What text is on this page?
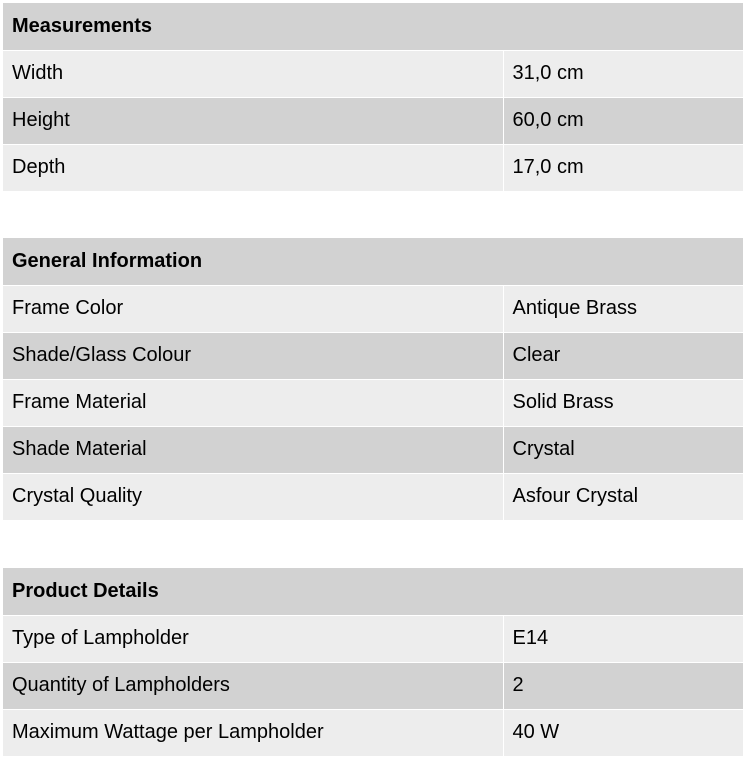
Measurements	
Width	31,0 cm
Height	60,0 cm
Depth	17,0 cm
General Information	
Frame Color	Antique Brass
Shade/Glass Colour	Clear
Frame Material	Solid Brass
Shade Material	Crystal
Crystal Quality	Asfour Crystal
Product Details	
Type of Lampholder	E14
Quantity of Lampholders	2
Maximum Wattage per Lampholder	40 W
